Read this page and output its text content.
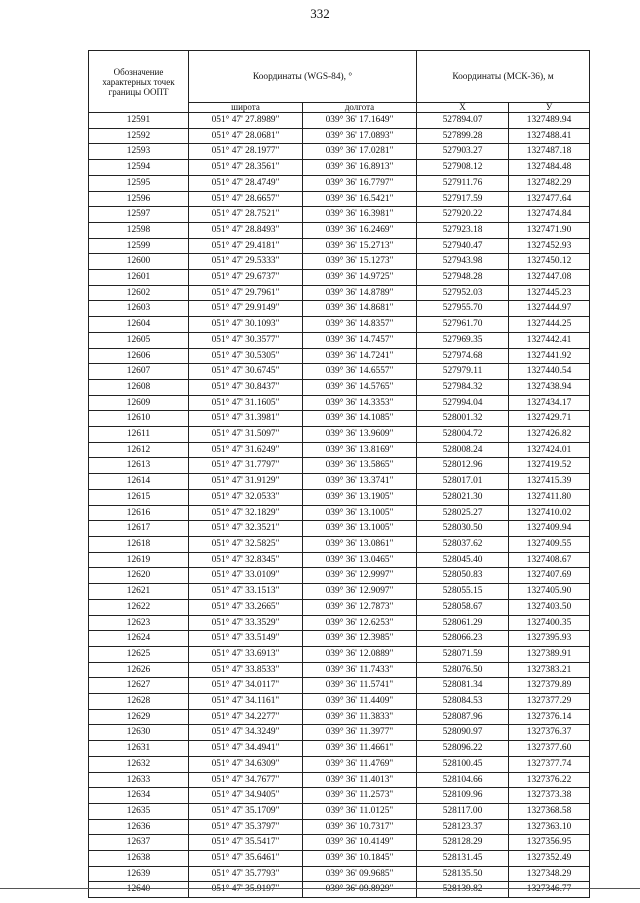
332
Обозначение характерных точек границы ООПТ	Координаты (WGS-84), °		Координаты (МСК-36), м	
	широта	долгота	X	У
12591	051° 47' 27.8989"	039° 36' 17.1649"	527894.07	1327489.94
12592	051° 47' 28.0681"	039° 36' 17.0893"	527899.28	1327488.41
12593	051° 47' 28.1977"	039° 36' 17.0281"	527903.27	1327487.18
12594	051° 47' 28.3561"	039° 36' 16.8913"	527908.12	1327484.48
12595	051° 47' 28.4749"	039° 36' 16.7797"	527911.76	1327482.29
12596	051° 47' 28.6657"	039° 36' 16.5421"	527917.59	1327477.64
12597	051° 47' 28.7521"	039° 36' 16.3981"	527920.22	1327474.84
12598	051° 47' 28.8493"	039° 36' 16.2469"	527923.18	1327471.90
12599	051° 47' 29.4181"	039° 36' 15.2713"	527940.47	1327452.93
12600	051° 47' 29.5333"	039° 36' 15.1273"	527943.98	1327450.12
12601	051° 47' 29.6737"	039° 36' 14.9725"	527948.28	1327447.08
12602	051° 47' 29.7961"	039° 36' 14.8789"	527952.03	1327445.23
12603	051° 47' 29.9149"	039° 36' 14.8681"	527955.70	1327444.97
12604	051° 47' 30.1093"	039° 36' 14.8357"	527961.70	1327444.25
12605	051° 47' 30.3577"	039° 36' 14.7457"	527969.35	1327442.41
12606	051° 47' 30.5305"	039° 36' 14.7241"	527974.68	1327441.92
12607	051° 47' 30.6745"	039° 36' 14.6557"	527979.11	1327440.54
12608	051° 47' 30.8437"	039° 36' 14.5765"	527984.32	1327438.94
12609	051° 47' 31.1605"	039° 36' 14.3353"	527994.04	1327434.17
12610	051° 47' 31.3981"	039° 36' 14.1085"	528001.32	1327429.71
12611	051° 47' 31.5097"	039° 36' 13.9609"	528004.72	1327426.82
12612	051° 47' 31.6249"	039° 36' 13.8169"	528008.24	1327424.01
12613	051° 47' 31.7797"	039° 36' 13.5865"	528012.96	1327419.52
12614	051° 47' 31.9129"	039° 36' 13.3741"	528017.01	1327415.39
12615	051° 47' 32.0533"	039° 36' 13.1905"	528021.30	1327411.80
12616	051° 47' 32.1829"	039° 36' 13.1005"	528025.27	1327410.02
12617	051° 47' 32.3521"	039° 36' 13.1005"	528030.50	1327409.94
12618	051° 47' 32.5825"	039° 36' 13.0861"	528037.62	1327409.55
12619	051° 47' 32.8345"	039° 36' 13.0465"	528045.40	1327408.67
12620	051° 47' 33.0109"	039° 36' 12.9997"	528050.83	1327407.69
12621	051° 47' 33.1513"	039° 36' 12.9097"	528055.15	1327405.90
12622	051° 47' 33.2665"	039° 36' 12.7873"	528058.67	1327403.50
12623	051° 47' 33.3529"	039° 36' 12.6253"	528061.29	1327400.35
12624	051° 47' 33.5149"	039° 36' 12.3985"	528066.23	1327395.93
12625	051° 47' 33.6913"	039° 36' 12.0889"	528071.59	1327389.91
12626	051° 47' 33.8533"	039° 36' 11.7433"	528076.50	1327383.21
12627	051° 47' 34.0117"	039° 36' 11.5741"	528081.34	1327379.89
12628	051° 47' 34.1161"	039° 36' 11.4409"	528084.53	1327377.29
12629	051° 47' 34.2277"	039° 36' 11.3833"	528087.96	1327376.14
12630	051° 47' 34.3249"	039° 36' 11.3977"	528090.97	1327376.37
12631	051° 47' 34.4941"	039° 36' 11.4661"	528096.22	1327377.60
12632	051° 47' 34.6309"	039° 36' 11.4769"	528100.45	1327377.74
12633	051° 47' 34.7677"	039° 36' 11.4013"	528104.66	1327376.22
12634	051° 47' 34.9405"	039° 36' 11.2573"	528109.96	1327373.38
12635	051° 47' 35.1709"	039° 36' 11.0125"	528117.00	1327368.58
12636	051° 47' 35.3797"	039° 36' 10.7317"	528123.37	1327363.10
12637	051° 47' 35.5417"	039° 36' 10.4149"	528128.29	1327356.95
12638	051° 47' 35.6461"	039° 36' 10.1845"	528131.45	1327352.49
12639	051° 47' 35.7793"	039° 36' 09.9685"	528135.50	1327348.29
12640	051° 47' 35.9197"	039° 36' 09.8929"	528139.82	1327346.77
